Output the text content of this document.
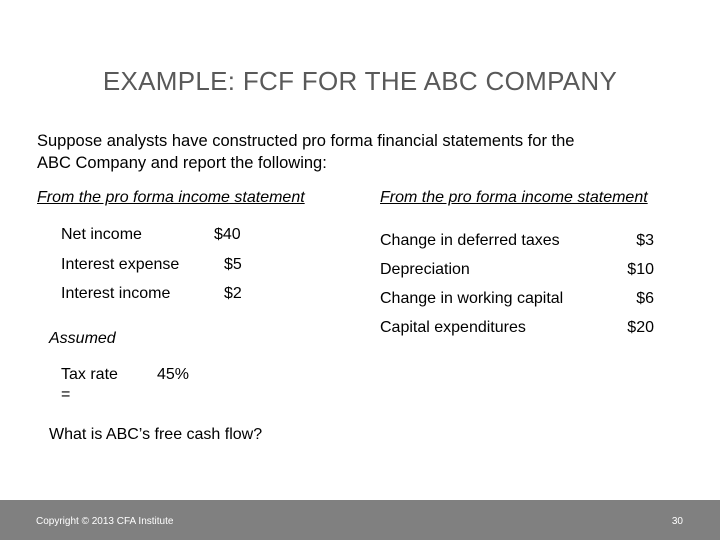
EXAMPLE: FCF FOR THE ABC COMPANY
Suppose analysts have constructed pro forma financial statements for the
ABC Company and report the following:
From the pro forma income statement
Net income	$40
Interest expense	$5
Interest income	$2
Assumed
Tax rate
=
45%
What is ABC’s free cash flow?
From the pro forma income statement
Change in deferred taxes	$3
Depreciation	$10
Change in working capital	$6
Capital expenditures	$20
Copyright © 2013 CFA Institute	30
